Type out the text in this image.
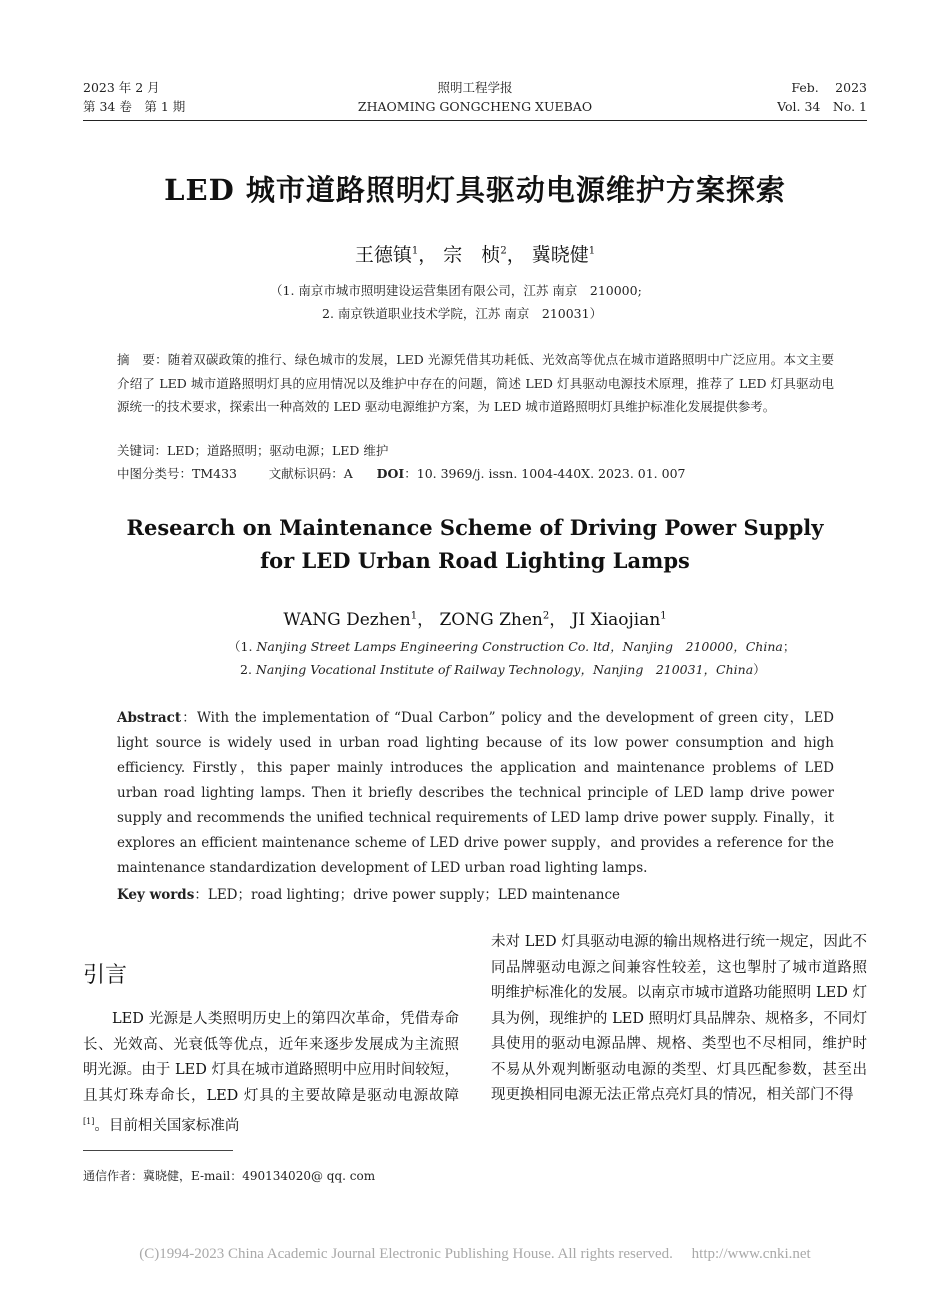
2023 年 2 月
第 34 卷　第 1 期
照明工程学报
ZHAOMING GONGCHENG XUEBAO
Feb.　 2023
Vol. 34　No. 1
LED 城市道路照明灯具驱动电源维护方案探索
王德镇$^1$， 宗　桢$^2$， 冀晓健$^1$
（1. 南京市城市照明建设运营集团有限公司，江苏 南京　210000;
2. 南京铁道职业技术学院，江苏 南京　210031）
摘　要：随着双碳政策的推行、绿色城市的发展，LED 光源凭借其功耗低、光效高等优点在城市道路照明中广泛应用。本文主要介绍了 LED 城市道路照明灯具的应用情况以及维护中存在的问题，简述 LED 灯具驱动电源技术原理，推荐了 LED 灯具驱动电源统一的技术要求，探索出一种高效的 LED 驱动电源维护方案，为 LED 城市道路照明灯具维护标准化发展提供参考。
关键词：LED；道路照明；驱动电源；LED 维护
中图分类号：TM433	文献标识码：A DOI：10. 3969/j. issn. 1004-440X. 2023. 01. 007
Research on Maintenance Scheme of Driving Power Supply
for LED Urban Road Lighting Lamps
WANG Dezhen$^1$， ZONG Zhen$^2$， JI Xiaojian$^1$
（1. Nanjing Street Lamps Engineering Construction Co. ltd，Nanjing　210000，China；
2. Nanjing Vocational Institute of Railway Technology，Nanjing　210031，China）
Abstract：With the implementation of “Dual Carbon” policy and the development of green city，LED light source is widely used in urban road lighting because of its low power consumption and high efficiency. Firstly，this paper mainly introduces the application and maintenance problems of LED urban road lighting lamps. Then it briefly describes the technical principle of LED lamp drive power supply and recommends the unified technical requirements of LED lamp drive power supply. Finally，it explores an efficient maintenance scheme of LED drive power supply，and provides a reference for the maintenance standardization development of LED urban road lighting lamps.
Key words：LED；road lighting；drive power supply；LED maintenance
引言
LED 光源是人类照明历史上的第四次革命，凭借寿命长、光效高、光衰低等优点，近年来逐步发展成为主流照明光源。由于 LED 灯具在城市道路照明中应用时间较短，且其灯珠寿命长，LED 灯具的主要故障是驱动电源故障[1]。目前相关国家标准尚
未对 LED 灯具驱动电源的输出规格进行统一规定，因此不同品牌驱动电源之间兼容性较差，这也掣肘了城市道路照明维护标准化的发展。以南京市城市道路功能照明 LED 灯具为例，现维护的 LED 照明灯具品牌杂、规格多，不同灯具使用的驱动电源品牌、规格、类型也不尽相同，维护时不易从外观判断驱动电源的类型、灯具匹配参数，甚至出现更换相同电源无法正常点亮灯具的情况，相关部门不得
通信作者：冀晓健，E-mail：490134020@ qq. com
(C)1994-2023 China Academic Journal Electronic Publishing House. All rights reserved.　 http://www.cnki.net
